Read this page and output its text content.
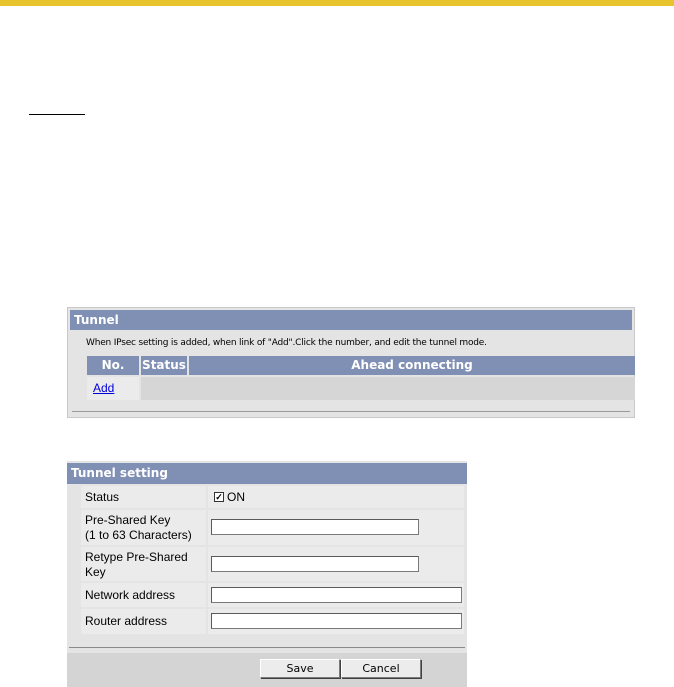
Tunnel
When IPsec setting is added, when link of "Add".Click the number, and edit the tunnel mode.
No.	Status	Ahead connecting
Add
Tunnel setting
Status	✓ ON
Pre-Shared Key
(1 to 63 Characters)
Retype Pre-Shared
Key
Network address
Router address
Save	Cancel
